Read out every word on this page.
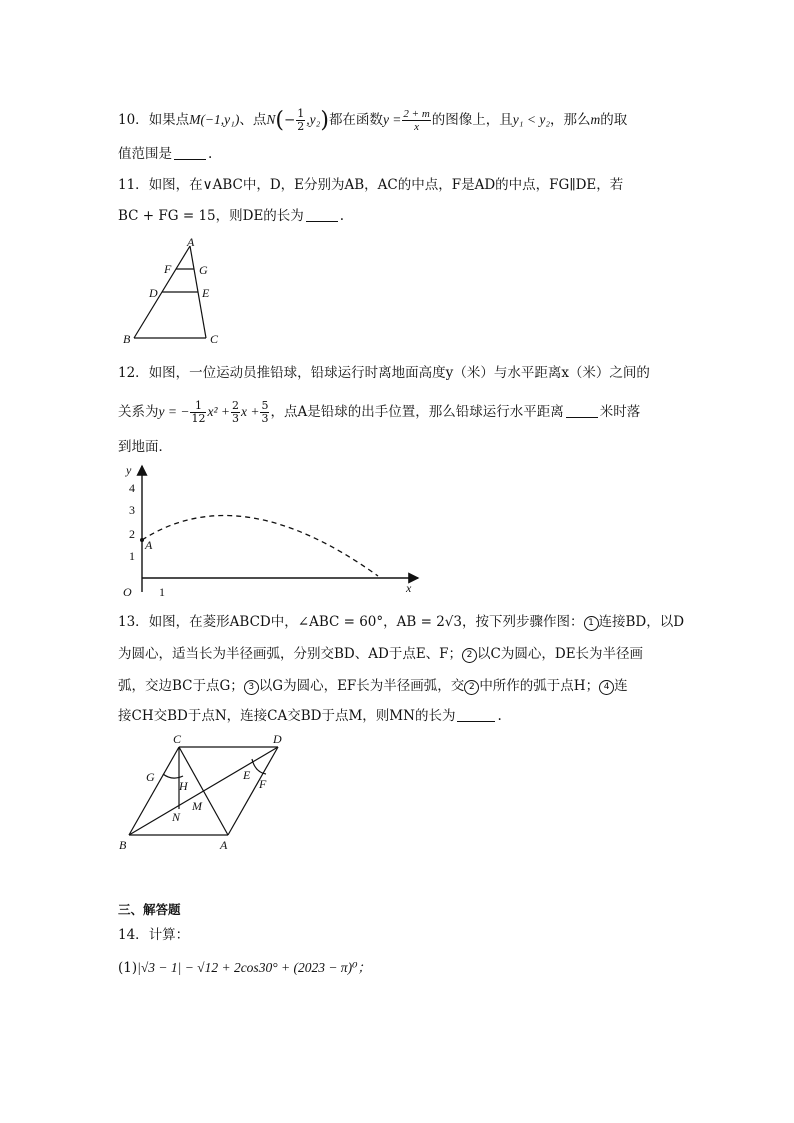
10．如果点M(−1,y₁)、点$N(- \frac{1}{2} ,y_2)$都在函数$y = \frac{2 + m}{x}$ 的图像上，且y₁ < y₂，那么m的取
值范围是	.
11．如图，在∨ABC中，D，E分别为AB，AC的中点，F是AD的中点，FG∥DE，若
BC + FG = 15，则DE的长为	.
A
F G
D	E
B	C
12．如图，一位运动员推铅球，铅球运行时离地面高度y（米）与水平距离x（米）之间的
关系为y = − $\frac{1}{12} x^2 + \frac{2}{3}$ $x + \frac{5}{3}$ ，点A是铅球的出手位置，那么铅球运行水平距离	米时落
到地面．
4
3
2
1
1
y
x
O
A
13．如图，在菱形ABCD中，∠ABC = 60°，AB = 2√3，按下列步骤作图： 1 连接BD，以D
为圆心，适当长为半径画弧，分别交BD、AD于点E、F； 2 以C为圆心，DE长为半径画
弧，交边BC于点G； 3 以G为圆心，EF长为半径画弧，交 2 中所作的弧于点H； 4 连
接CH交BD于点N，连接CA交BD于点M，则MN的长为	.
C	D
G
H
E
F
M
N
B	A
三、解答题
14．计算：
(1)|√3 − 1| − √12 + 2cos30° + (2023 − π)⁰；
